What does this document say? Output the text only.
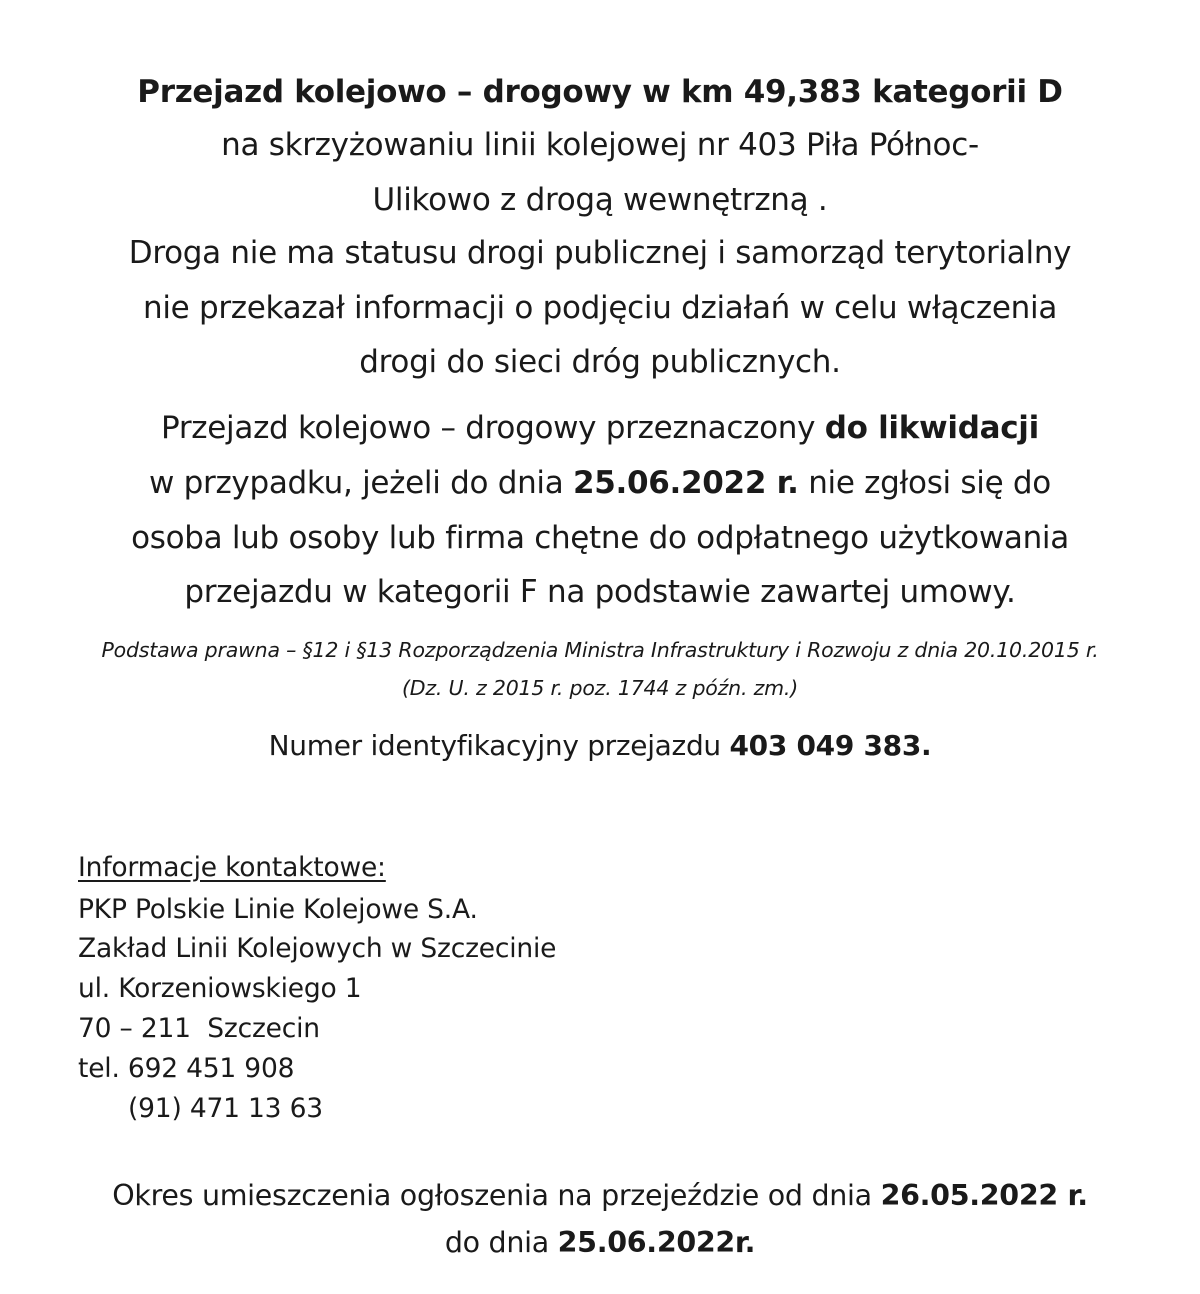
Przejazd kolejowo – drogowy w km 49,383 kategorii D
na skrzyżowaniu linii kolejowej nr 403 Piła Północ-
Ulikowo z drogą wewnętrzną .
Droga nie ma statusu drogi publicznej i samorząd terytorialny
nie przekazał informacji o podjęciu działań w celu włączenia
drogi do sieci dróg publicznych.
Przejazd kolejowo – drogowy przeznaczony do likwidacji
w przypadku, jeżeli do dnia 25.06.2022 r. nie zgłosi się do
osoba lub osoby lub firma chętne do odpłatnego użytkowania
przejazdu w kategorii F na podstawie zawartej umowy.
Podstawa prawna – §12 i §13 Rozporządzenia Ministra Infrastruktury i Rozwoju z dnia 20.10.2015 r.
(Dz. U. z 2015 r. poz. 1744 z późn. zm.)
Numer identyfikacyjny przejazdu 403 049 383.
Informacje kontaktowe:
PKP Polskie Linie Kolejowe S.A.
Zakład Linii Kolejowych w Szczecinie
ul. Korzeniowskiego 1
70 – 211  Szczecin
tel. 692 451 908
(91) 471 13 63
Okres umieszczenia ogłoszenia na przejeździe od dnia 26.05.2022 r.
do dnia 25.06.2022r.
